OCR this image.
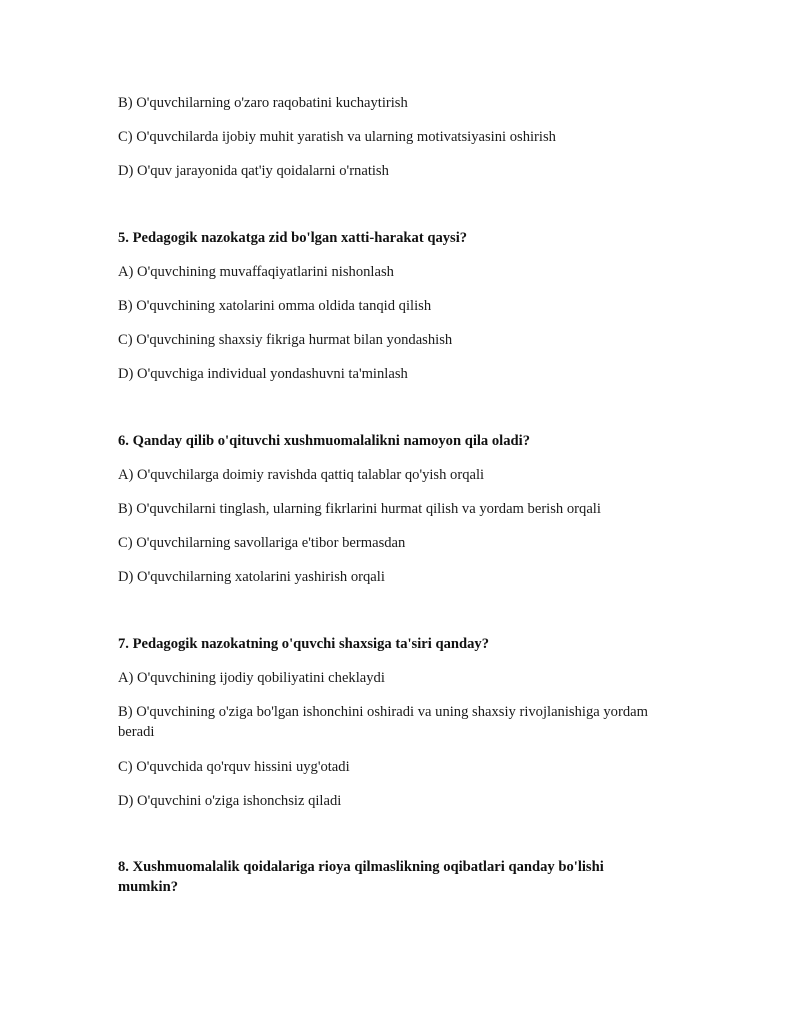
B) O'quvchilarning o'zaro raqobatini kuchaytirish
C) O'quvchilarda ijobiy muhit yaratish va ularning motivatsiyasini oshirish
D) O'quv jarayonida qat'iy qoidalarni o'rnatish
5. Pedagogik nazokatga zid bo'lgan xatti-harakat qaysi?
A) O'quvchining muvaffaqiyatlarini nishonlash
B) O'quvchining xatolarini omma oldida tanqid qilish
C) O'quvchining shaxsiy fikriga hurmat bilan yondashish
D) O'quvchiga individual yondashuvni ta'minlash
6. Qanday qilib o'qituvchi xushmuomalalikni namoyon qila oladi?
A) O'quvchilarga doimiy ravishda qattiq talablar qo'yish orqali
B) O'quvchilarni tinglash, ularning fikrlarini hurmat qilish va yordam berish orqali
C) O'quvchilarning savollariga e'tibor bermasdan
D) O'quvchilarning xatolarini yashirish orqali
7. Pedagogik nazokatning o'quvchi shaxsiga ta'siri qanday?
A) O'quvchining ijodiy qobiliyatini cheklaydi
B) O'quvchining o'ziga bo'lgan ishonchini oshiradi va uning shaxsiy rivojlanishiga yordam beradi
C) O'quvchida qo'rquv hissini uyg'otadi
D) O'quvchini o'ziga ishonchsiz qiladi
8. Xushmuomalalik qoidalariga rioya qilmaslikning oqibatlari qanday bo'lishi mumkin?
